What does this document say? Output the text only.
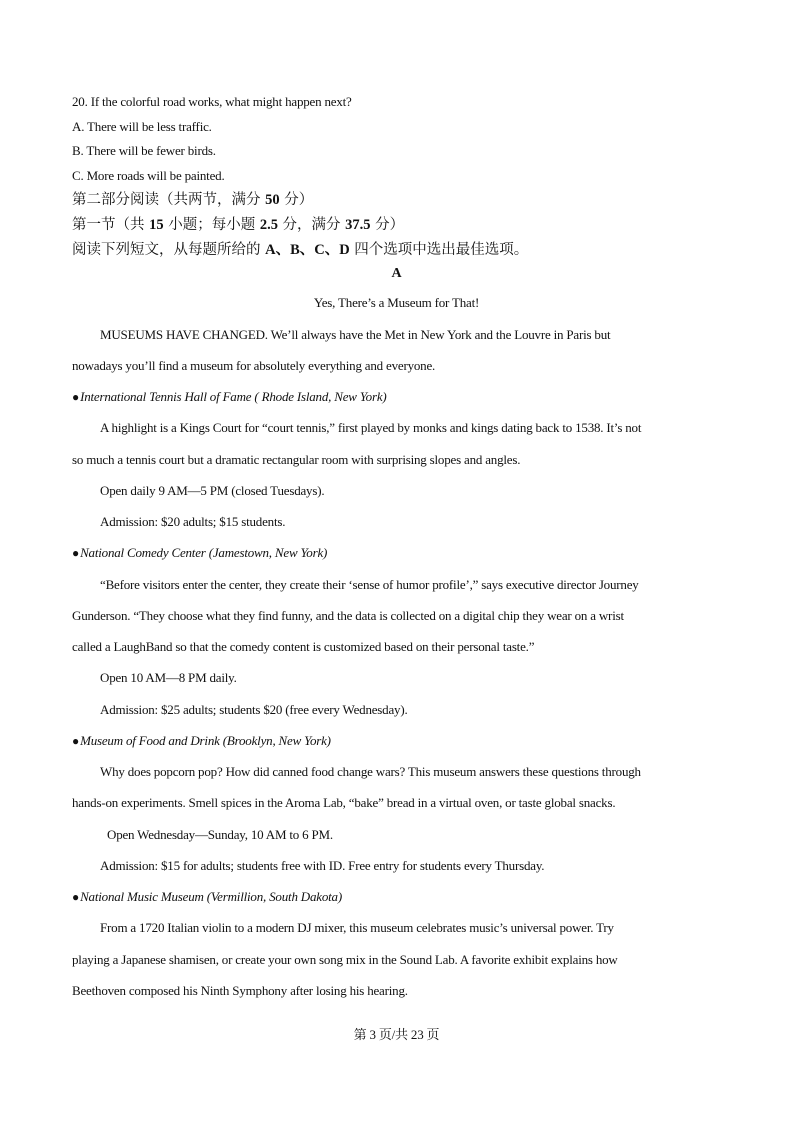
20. If the colorful road works, what might happen next?
A. There will be less traffic.
B. There will be fewer birds.
C. More roads will be painted.
第二部分阅读（共两节，满分 50 分）
第一节（共 15 小题；每小题 2.5 分，满分 37.5 分）
阅读下列短文，从每题所给的 A、B、C、D 四个选项中选出最佳选项。
A
Yes, There’s a Museum for That!
MUSEUMS HAVE CHANGED. We’ll always have the Met in New York and the Louvre in Paris but
nowadays you’ll find a museum for absolutely everything and everyone.
●International Tennis Hall of Fame ( Rhode Island, New York)
A highlight is a Kings Court for “court tennis,” first played by monks and kings dating back to 1538. It’s not
so much a tennis court but a dramatic rectangular room with surprising slopes and angles.
Open daily 9 AM—5 PM (closed Tuesdays).
Admission: $20 adults; $15 students.
●National Comedy Center (Jamestown, New York)
“Before visitors enter the center, they create their ‘sense of humor profile’,” says executive director Journey
Gunderson. “They choose what they find funny, and the data is collected on a digital chip they wear on a wrist
called a LaughBand so that the comedy content is customized based on their personal taste.”
Open 10 AM—8 PM daily.
Admission: $25 adults; students $20 (free every Wednesday).
●Museum of Food and Drink (Brooklyn, New York)
Why does popcorn pop? How did canned food change wars? This museum answers these questions through
hands-on experiments. Smell spices in the Aroma Lab, “bake” bread in a virtual oven, or taste global snacks.
Open Wednesday—Sunday, 10 AM to 6 PM.
Admission: $15 for adults; students free with ID. Free entry for students every Thursday.
●National Music Museum (Vermillion, South Dakota)
From a 1720 Italian violin to a modern DJ mixer, this museum celebrates music’s universal power. Try
playing a Japanese shamisen, or create your own song mix in the Sound Lab. A favorite exhibit explains how
Beethoven composed his Ninth Symphony after losing his hearing.
第 3 页/共 23 页
